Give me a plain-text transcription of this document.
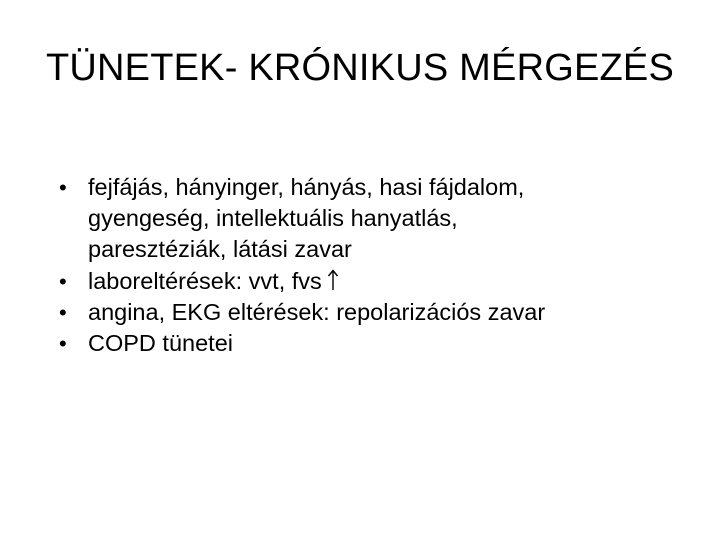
TÜNETEK- KRÓNIKUS MÉRGEZÉS
• fejfájás, hányinger, hányás, hasi fájdalom,
gyengeség, intellektuális hanyatlás,
paresztéziák, látási zavar
• laboreltérések: vvt, fvs
• angina, EKG eltérések: repolarizációs zavar
• COPD tünetei
